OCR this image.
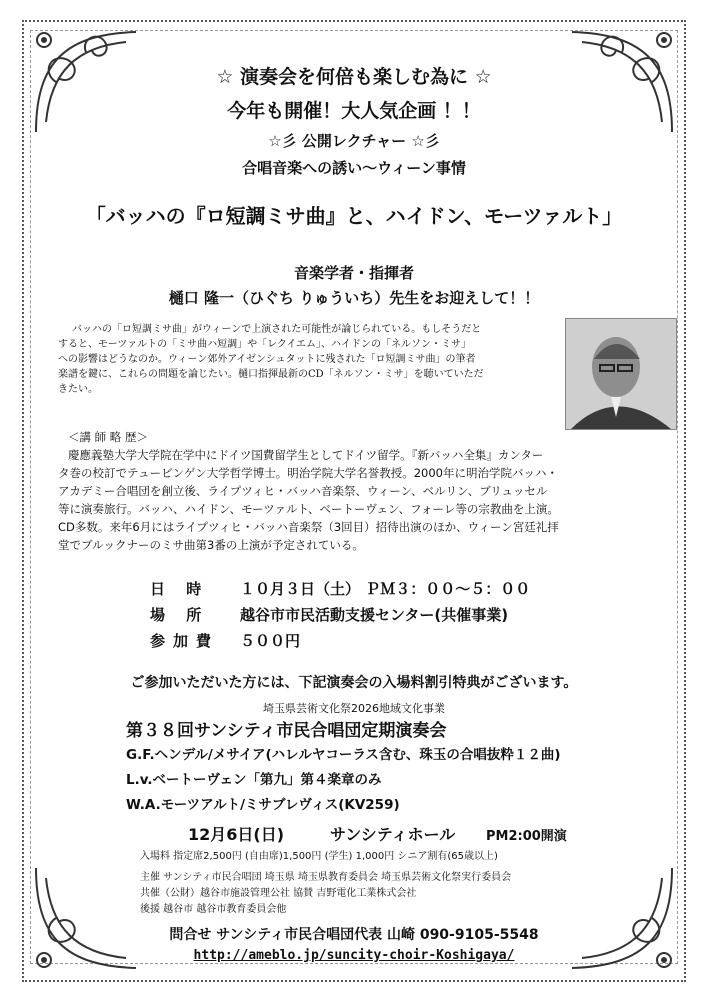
☆ 演奏会を何倍も楽しむ為に ☆
今年も開催！大人気企画 ！！
☆彡 公開レクチャー ☆彡
合唱音楽への誘い～ウィーン事情
「バッハの『ロ短調ミサ曲』と、ハイドン、モーツァルト」
音楽学者・指揮者
樋口 隆一（ひぐち りゅういち）先生をお迎えして！！
バッハの「ロ短調ミサ曲」がウィーンで上演された可能性が論じられている。もしそうだと
すると、モーツァルトの「ミサ曲ハ短調」や「レクイエム」、ハイドンの「ネルソン・ミサ」
への影響はどうなのか。ウィーン郊外アイゼンシュタットに残された「ロ短調ミサ曲」の筆者
楽譜を鍵に、これらの問題を論じたい。樋口指揮最新のCD「ネルソン・ミサ」を聴いていただ
きたい。
＜講 師 略 歴＞
慶應義塾大学大学院在学中にドイツ国費留学生としてドイツ留学。『新バッハ全集』カンター
タ巻の校訂でテュービンゲン大学哲学博士。明治学院大学名誉教授。2000年に明治学院バッハ・
アカデミー合唱団を創立後、ライプツィヒ・バッハ音楽祭、ウィーン、ベルリン、ブリュッセル
等に演奏旅行。バッハ、ハイドン、モーツァルト、ベートーヴェン、フォーレ等の宗教曲を上演。
CD多数。来年6月にはライプツィヒ・バッハ音楽祭（3回目）招待出演のほか、ウィーン宮廷礼拝
堂でブルックナーのミサ曲第3番の上演が予定されている。
日 時 １０月３日（土） ＰＭ３：００～５：００
場 所 越谷市市民活動支援センター(共催事業)
参加費 ５００円
ご参加いただいた方には、下記演奏会の入場料割引特典がございます。
埼玉県芸術文化祭2026地域文化事業
第３８回サンシティ市民合唱団定期演奏会
G.F.ヘンデル/メサイア(ハレルヤコーラス含む、珠玉の合唱抜粋１２曲)
L.v.ベートーヴェン「第九」第４楽章のみ
W.A.モーツアルト/ミサブレヴィス(KV259)
12月6日(日)	サンシティホール PM2:00開演
入場料 指定席2,500円 (自由席)1,500円 (学生) 1,000円 シニア割有(65歳以上)
主催 サンシティ市民合唱団 埼玉県 埼玉県教育委員会 埼玉県芸術文化祭実行委員会
共催（公財）越谷市施設管理公社 協賛 吉野電化工業株式会社
後援 越谷市 越谷市教育委員会他
問合せ サンシティ市民合唱団代表 山崎 090-9105-5548
http://ameblo.jp/suncity-choir-Koshigaya/
